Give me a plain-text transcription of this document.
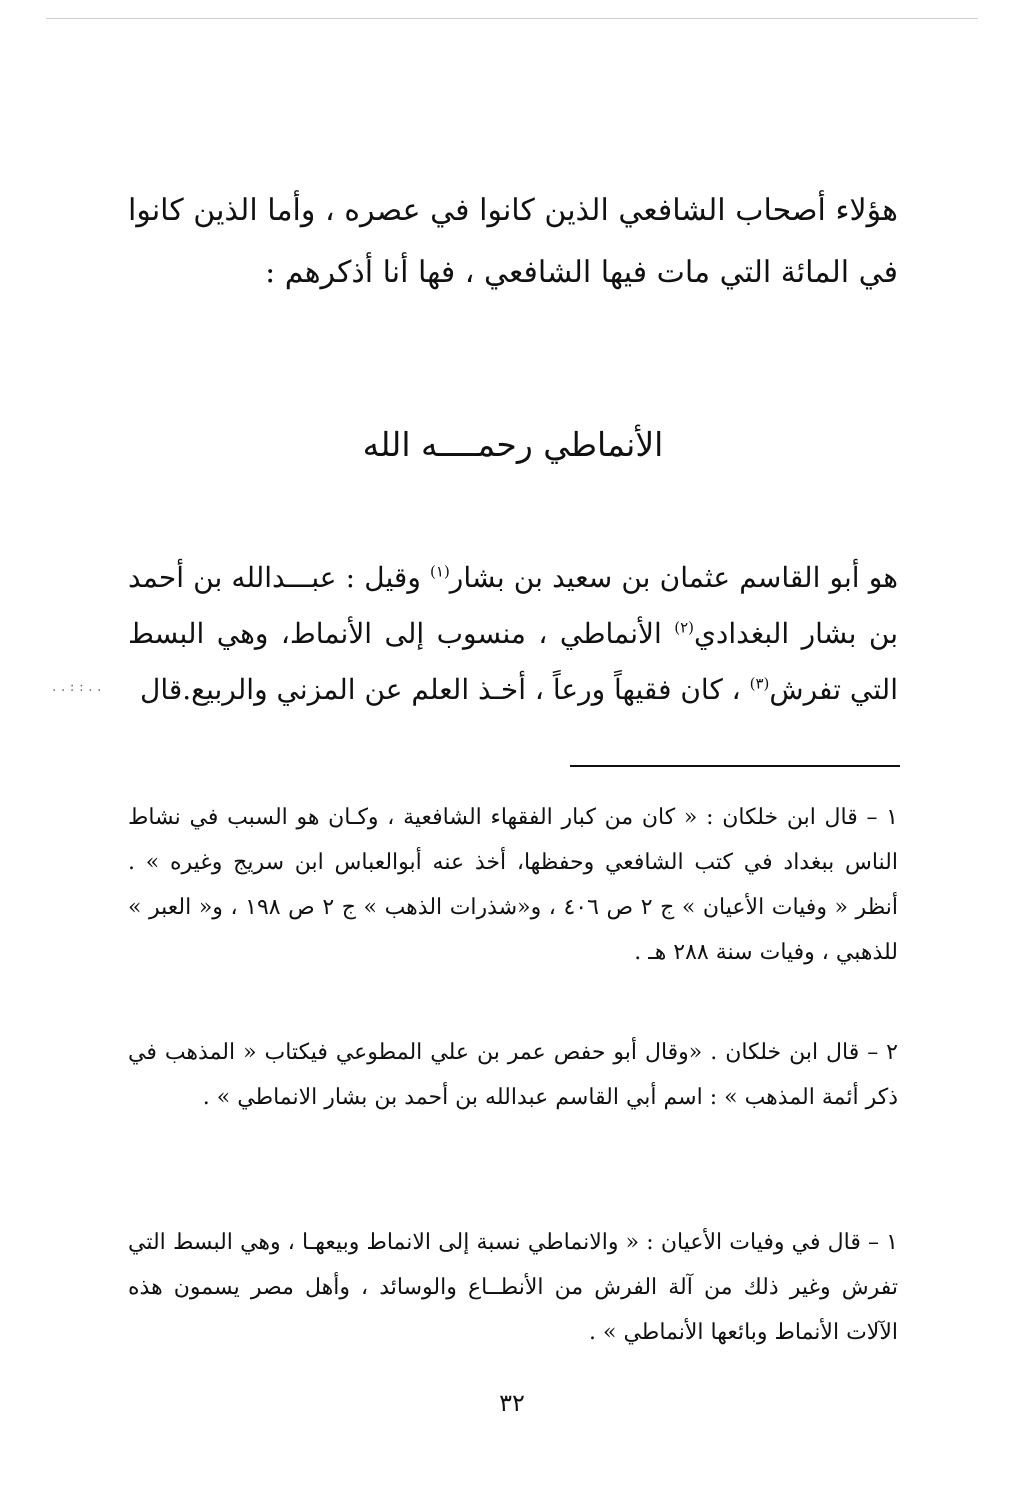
هؤلاء أصحاب الشافعي الذين كانوا في عصره ، وأما الذين كانوا في المائة التي مات فيها الشافعي ، فها أنا أذكرهم :

الأنماطي رحمــــه الله

هو أبو القاسم عثمان بن سعيد بن بشار$^{(١)}$ وقيل : عبـــدالله بن أحمد بن بشار البغدادي$^{(٢)}$ الأنماطي ، منسوب إلى الأنماط، وهي البسط التي تفرش$^{(٣)}$ ، كان فقيهاً ورعاً ، أخـذ العلم عن المزني والربيع.قال

. . : : . .

١ – قال ابن خلكان : « كان من كبار الفقهاء الشافعية ، وكـان هو السبب في نشاط الناس ببغداد في كتب الشافعي وحفظها، أخذ عنه أبوالعباس ابن سريج وغيره » . أنظر « وفيات الأعيان » ج ٢ ص ٤٠٦ ، و«شذرات الذهب » ج ٢ ص ١٩٨ ، و« العبر » للذهبي ، وفيات سنة ٢٨٨ هـ .

٢ – قال ابن خلكان . «وقال أبو حفص عمر بن علي المطوعي فيكتاب « المذهب في ذكر أئمة المذهب » : اسم أبي القاسم عبدالله بن أحمد بن بشار الانماطي » .

١ – قال في وفيات الأعيان : « والانماطي نسبة إلى الانماط وبيعهـا ، وهي البسط التي تفرش وغير ذلك من آلة الفرش من الأنطــاع والوسائد ، وأهل مصر يسمون هذه الآلات الأنماط وبائعها الأنماطي » .

٣٢
